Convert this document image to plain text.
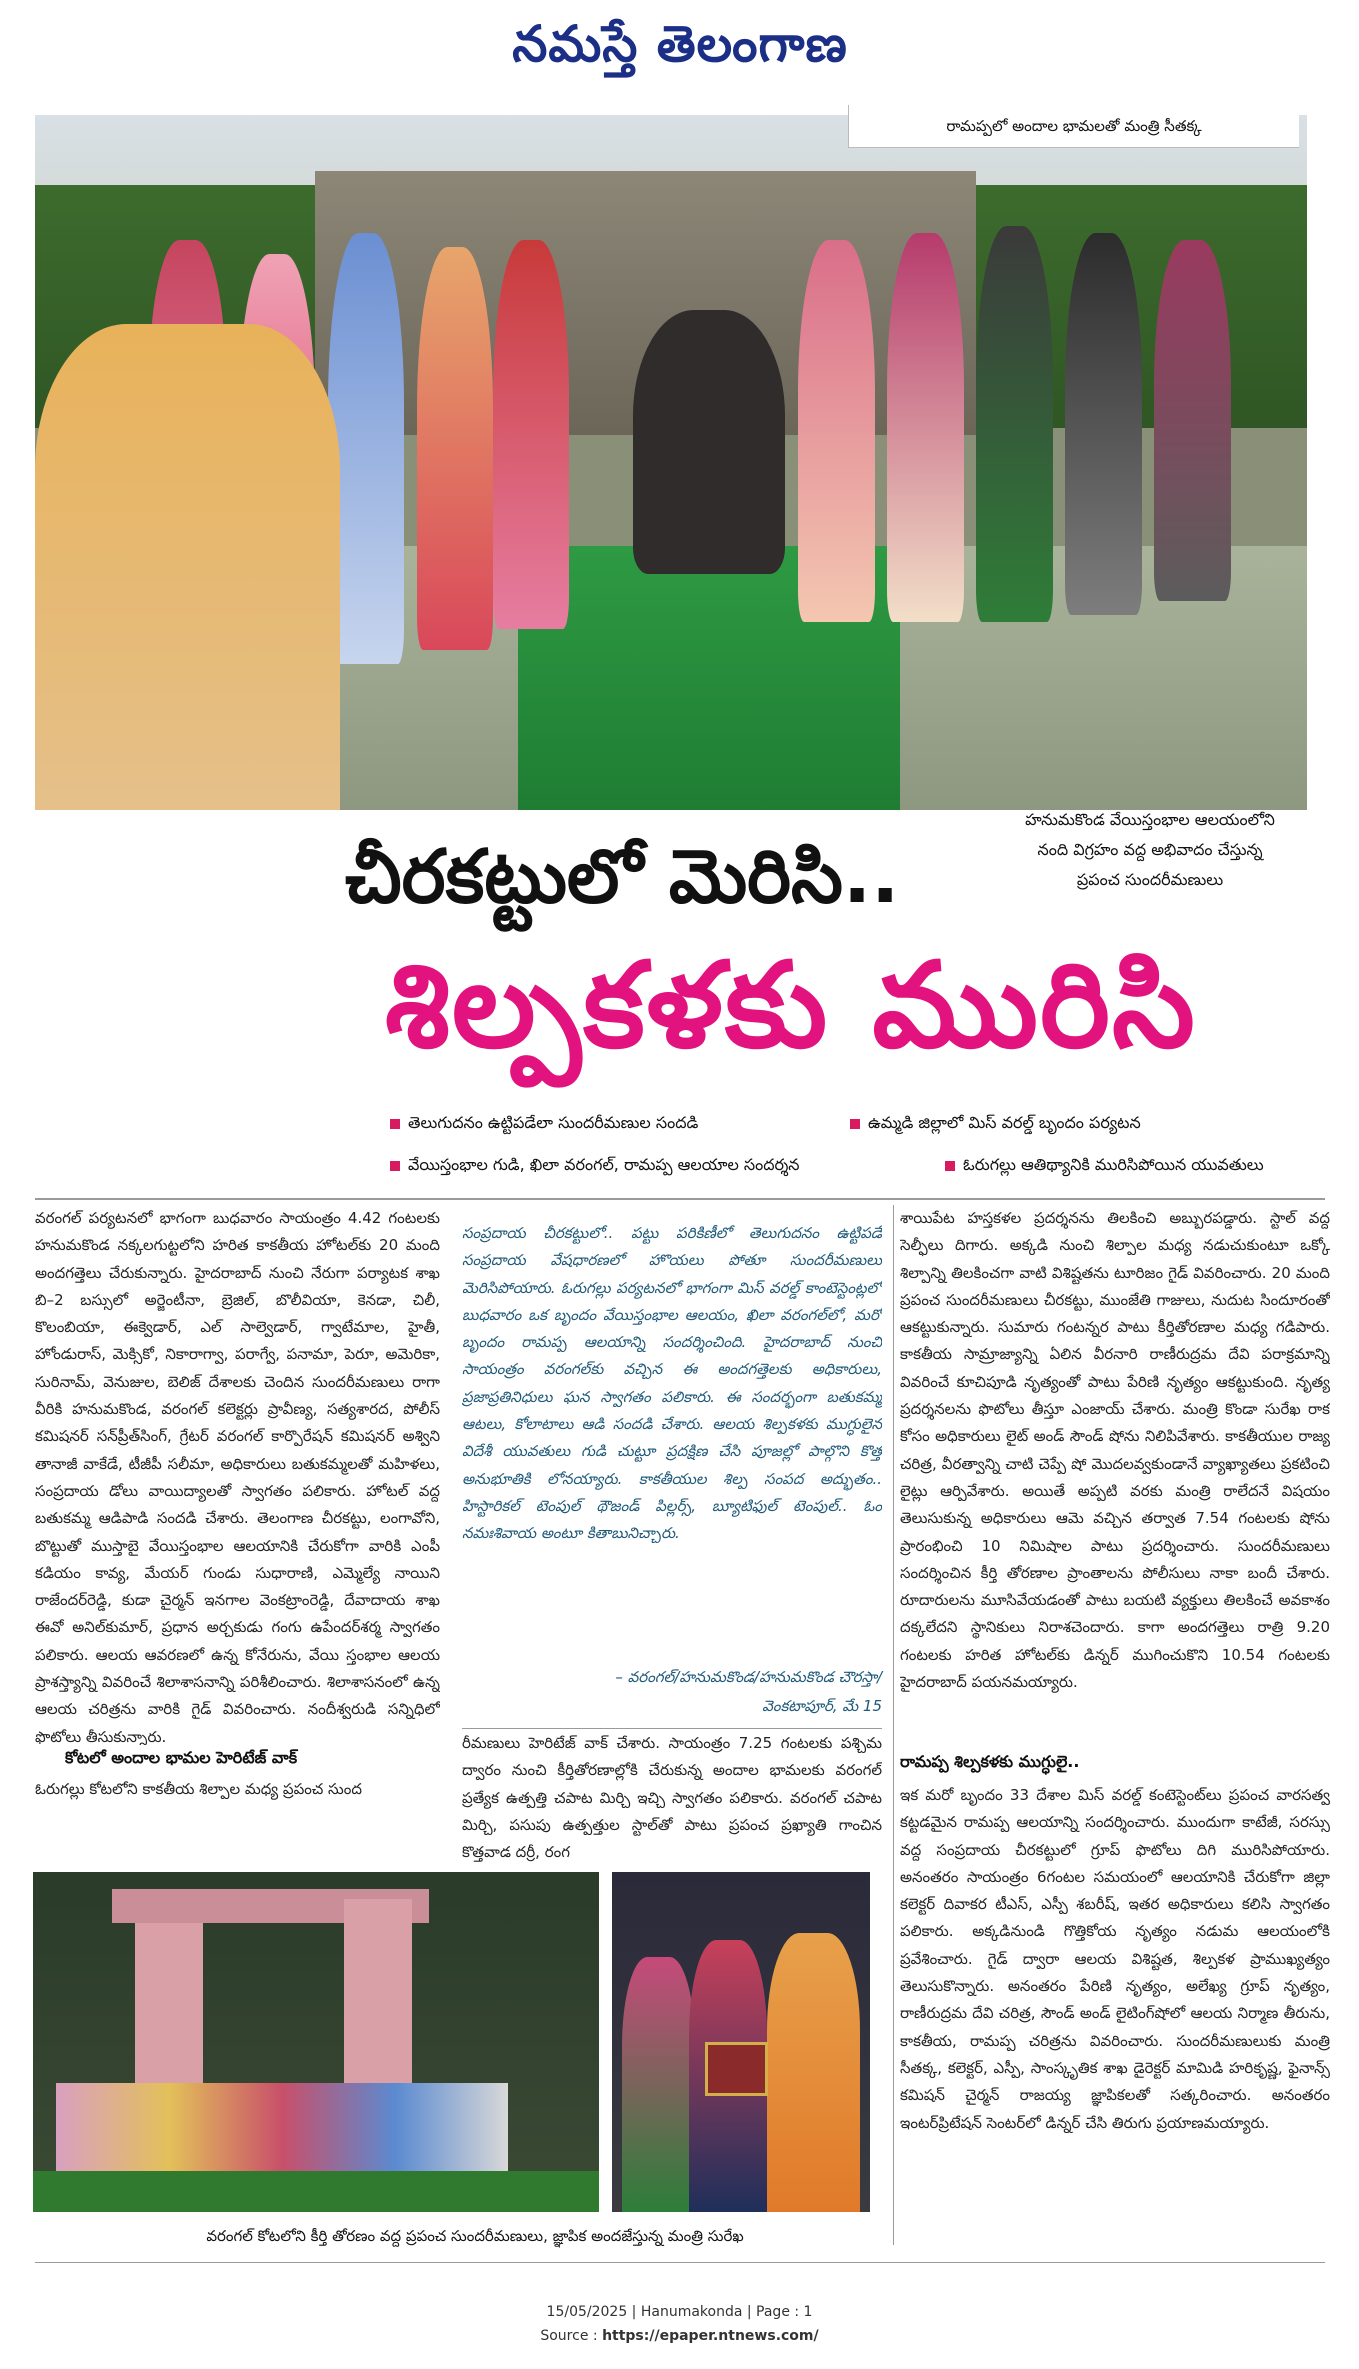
నమస్తే తెలంగాణ
రామప్పలో అందాల భామలతో మంత్రి సీతక్క
చీరకట్టులో మెరిసి..
శిల్పకళకు మురిసి
హనుమకొండ వేయిస్తంభాల ఆలయంలోని
నంది విగ్రహం వద్ద అభివాదం చేస్తున్న
ప్రపంచ సుందరీమణులు
తెలుగుదనం ఉట్టిపడేలా సుందరీమణుల సందడి	ఉమ్మడి జిల్లాలో మిస్ వరల్డ్ బృందం పర్యటన
వేయిస్తంభాల గుడి, ఖిలా వరంగల్, రామప్ప ఆలయాల సందర్శన	ఓరుగల్లు ఆతిథ్యానికి మురిసిపోయిన యువతులు

వరంగల్ పర్యటనలో భాగంగా బుధవారం సాయంత్రం 4.42 గంటలకు హనుమకొండ నక్కలగుట్టలోని హరిత కాకతీయ హోటల్‌కు 20 మంది అందగత్తెలు చేరుకున్నారు. హైదరాబాద్ నుంచి నేరుగా పర్యాటక శాఖ బి–2 బస్సులో అర్జెంటీనా, బ్రెజిల్, బొలీవియా, కెనడా, చిలీ, కొలంబియా, ఈక్వెడార్, ఎల్ సాల్వెడార్, గ్వాటేమాల, హైతీ, హోండురాస్, మెక్సికో, నికారాగ్వా, పరాగ్వే, పనామా, పెరూ, అమెరికా, సురినామ్, వెనుజుల, బెలిజ్ దేశాలకు చెందిన సుందరీమణులు రాగా వీరికి హనుమకొండ, వరంగల్ కలెక్టర్లు ప్రావీణ్య, సత్యశారద, పోలీస్ కమిషనర్ సన్‌ప్రీత్‌సింగ్, గ్రేటర్ వరంగల్ కార్పొరేషన్ కమిషనర్ అశ్విని తానాజీ వాకేడే, టీజీపీ సలీమా, అధికారులు బతుకమ్మలతో మహిళలు, సంప్రదాయ డోలు వాయిద్యాలతో స్వాగతం పలికారు. హోటల్ వద్ద బతుకమ్మ ఆడిపాడి సందడి చేశారు. తెలంగాణ చీరకట్టు, లంగావోని, బొట్టుతో ముస్తాబై వేయిస్తంభాల ఆలయానికి చేరుకోగా వారికి ఎంపీ కడియం కావ్య, మేయర్ గుండు సుధారాణి, ఎమ్మెల్యే నాయిని రాజేందర్‌రెడ్డి, కుడా చైర్మన్ ఇనగాల వెంకట్రాంరెడ్డి, దేవాదాయ శాఖ ఈవో అనిల్‌కుమార్, ప్రధాన అర్చకుడు గంగు ఉపేందర్‌శర్మ స్వాగతం పలికారు. ఆలయ ఆవరణలో ఉన్న కోనేరును, వేయి స్తంభాల ఆలయ ప్రాశస్త్యాన్ని వివరించే శిలాశాసనాన్ని పరిశీలించారు. శిలాశాసనంలో ఉన్న ఆలయ చరిత్రను వారికి గైడ్ వివరించారు. నందీశ్వరుడి సన్నిధిలో ఫొటోలు తీసుకున్నారు.

కోటలో అందాల భామల హెరిటేజ్ వాక్

ఓరుగల్లు కోటలోని కాకతీయ శిల్పాల మధ్య ప్రపంచ సుంద

సంప్రదాయ చీరకట్టులో.. పట్టు పరికిణీలో తెలుగుదనం ఉట్టిపడే సంప్రదాయ వేషధారణలో హొయలు పోతూ సుందరీమణులు మెరిసిపోయారు. ఓరుగల్లు పర్యటనలో భాగంగా మిస్ వరల్డ్ కాంటెస్టెంట్లలో బుధవారం ఒక బృందం వేయిస్తంభాల ఆలయం, ఖిలా వరంగల్‌లో, మరో బృందం రామప్ప ఆలయాన్ని సందర్శించింది. హైదరాబాద్ నుంచి సాయంత్రం వరంగల్‌కు వచ్చిన ఈ అందగత్తెలకు అధికారులు, ప్రజాప్రతినిధులు ఘన స్వాగతం పలికారు. ఈ సందర్భంగా బతుకమ్మ ఆటలు, కోలాటాలు ఆడి సందడి చేశారు. ఆలయ శిల్పకళకు ముగ్ధులైన విదేశీ యువతులు గుడి చుట్టూ ప్రదక్షిణ చేసి పూజల్లో పాల్గొని కొత్త అనుభూతికి లోనయ్యారు. కాకతీయుల శిల్ప సంపద అద్భుతం.. హిస్టారికల్ టెంపుల్ థౌజండ్ పిల్లర్స్, బ్యూటిఫుల్ టెంపుల్.. ఓం నమఃశివాయ అంటూ కితాబునిచ్చారు.

– వరంగల్/హనుమకొండ/హనుమకొండ చౌరస్తా/
వెంకటాపూర్, మే 15

రీమణులు హెరిటేజ్ వాక్ చేశారు. సాయంత్రం 7.25 గంటలకు పశ్చిమ ద్వారం నుంచి కీర్తితోరణాల్లోకి చేరుకున్న అందాల భామలకు వరంగల్ ప్రత్యేక ఉత్పత్తి చపాట మిర్చి ఇచ్చి స్వాగతం పలికారు. వరంగల్ చపాట మిర్చి, పసుపు ఉత్పత్తుల స్టాల్‌తో పాటు ప్రపంచ ప్రఖ్యాతి గాంచిన కొత్తవాడ దర్రీ, రంగ

శాయిపేట హస్తకళల ప్రదర్శనను తిలకించి అబ్బురపడ్డారు. స్టాల్ వద్ద సెల్ఫీలు దిగారు. అక్కడి నుంచి శిల్పాల మధ్య నడుచుకుంటూ ఒక్కో శిల్పాన్ని తిలకించగా వాటి విశిష్టతను టూరిజం గైడ్ వివరించారు. 20 మంది ప్రపంచ సుందరీమణులు చీరకట్టు, ముంజేతి గాజులు, నుదుట సిందూరంతో ఆకట్టుకున్నారు. సుమారు గంటన్నర పాటు కీర్తితోరణాల మధ్య గడిపారు. కాకతీయ సామ్రాజ్యాన్ని ఏలిన వీరనారి రాణీరుద్రమ దేవి పరాక్రమాన్ని వివరించే కూచిపూడి నృత్యంతో పాటు పేరిణి నృత్యం ఆకట్టుకుంది. నృత్య ప్రదర్శనలను ఫొటోలు తీస్తూ ఎంజాయ్ చేశారు. మంత్రి కొండా సురేఖ రాక కోసం అధికారులు లైట్ అండ్ సౌండ్ షోను నిలిపివేశారు. కాకతీయుల రాజ్య చరిత్ర, వీరత్వాన్ని చాటి చెప్పే షో మొదలవ్వకుండానే వ్యాఖ్యాతలు ప్రకటించి లైట్లు ఆర్పివేశారు. అయితే అప్పటి వరకు మంత్రి రాలేదనే విషయం తెలుసుకున్న అధికారులు ఆమె వచ్చిన తర్వాత 7.54 గంటలకు షోను ప్రారంభించి 10 నిమిషాల పాటు ప్రదర్శించారు. సుందరీమణులు సందర్శించిన కీర్తి తోరణాల ప్రాంతాలను పోలీసులు నాకా బందీ చేశారు. రూదారులను మూసివేయడంతో పాటు బయటి వ్యక్తులు తిలకించే అవకాశం దక్కలేదని స్థానికులు నిరాశచెందారు. కాగా అందగత్తెలు రాత్రి 9.20 గంటలకు హరిత హోటల్‌కు డిన్నర్ ముగించుకొని 10.54 గంటలకు హైదరాబాద్ పయనమయ్యారు.

రామప్ప శిల్పకళకు ముగ్ధులై..

ఇక మరో బృందం 33 దేశాల మిస్ వరల్డ్ కంటెస్టెంట్‌లు ప్రపంచ వారసత్వ కట్టడమైన రామప్ప ఆలయాన్ని సందర్శించారు. ముందుగా కాటేజీ, సరస్సు వద్ద సంప్రదాయ చీరకట్టులో గ్రూప్ ఫొటోలు దిగి మురిసిపోయారు. అనంతరం సాయంత్రం 6గంటల సమయంలో ఆలయానికి చేరుకోగా జిల్లా కలెక్టర్ దివాకర టీఎస్, ఎస్పీ శబరీష్, ఇతర అధికారులు కలిసి స్వాగతం పలికారు. అక్కడినుండి గొత్తికోయ నృత్యం నడుమ ఆలయంలోకి ప్రవేశించారు. గైడ్ ద్వారా ఆలయ విశిష్టత, శిల్పకళ ప్రాముఖ్యత్యం తెలుసుకొన్నారు. అనంతరం పేరిణి నృత్యం, అలేఖ్య గ్రూప్ నృత్యం, రాణీరుద్రమ దేవి చరిత్ర, సౌండ్ అండ్ లైటింగ్‌షోలో ఆలయ నిర్మాణ తీరును, కాకతీయ, రామప్ప చరిత్రను వివరించారు. సుందరీమణులుకు మంత్రి సీతక్క, కలెక్టర్, ఎస్పీ, సాంస్కృతిక శాఖ డైరెక్టర్ మామిడి హరికృష్ణ, ఫైనాన్స్ కమిషన్ చైర్మన్ రాజయ్య జ్ఞాపికలతో సత్కరించారు. అనంతరం ఇంటర్‌ప్రిటేషన్ సెంటర్‌లో డిన్నర్ చేసి తిరుగు ప్రయాణమయ్యారు.

వరంగల్ కోటలోని కీర్తి తోరణం వద్ద ప్రపంచ సుందరీమణులు, జ్ఞాపిక అందజేస్తున్న మంత్రి సురేఖ
15/05/2025 | Hanumakonda | Page : 1
Source : https://epaper.ntnews.com/
